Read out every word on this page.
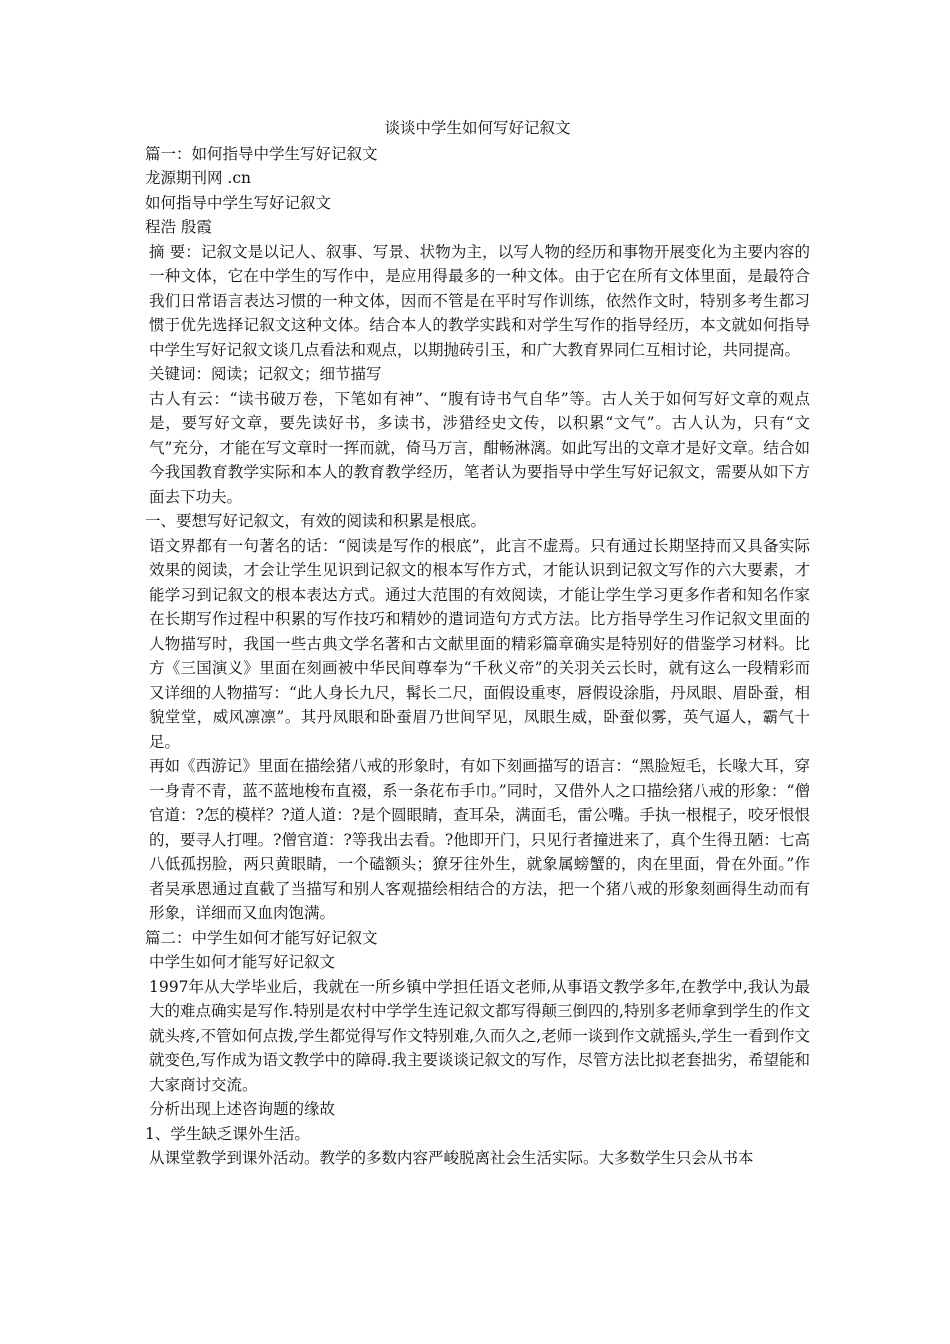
谈谈中学生如何写好记叙文

篇一：如何指导中学生写好记叙文

龙源期刊网 .cn

如何指导中学生写好记叙文

程浩 殷霞

摘 要：记叙文是以记人、叙事、写景、状物为主，以写人物的经历和事物开展变化为主要内容的一种文体，它在中学生的写作中，是应用得最多的一种文体。由于它在所有文体里面，是最符合我们日常语言表达习惯的一种文体，因而不管是在平时写作训练，依然作文时，特别多考生都习惯于优先选择记叙文这种文体。结合本人的教学实践和对学生写作的指导经历，本文就如何指导中学生写好记叙文谈几点看法和观点，以期抛砖引玉，和广大教育界同仁互相讨论，共同提高。

关键词：阅读；记叙文；细节描写

古人有云：“读书破万卷，下笔如有神”、“腹有诗书气自华”等。古人关于如何写好文章的观点是，要写好文章，要先读好书，多读书，涉猎经史文传，以积累“文气”。古人认为，只有“文气”充分，才能在写文章时一挥而就，倚马万言，酣畅淋漓。如此写出的文章才是好文章。结合如今我国教育教学实际和本人的教育教学经历，笔者认为要指导中学生写好记叙文，需要从如下方面去下功夫。

一、要想写好记叙文，有效的阅读和积累是根底。

语文界都有一句著名的话：“阅读是写作的根底”，此言不虚焉。只有通过长期坚持而又具备实际效果的阅读，才会让学生见识到记叙文的根本写作方式，才能认识到记叙文写作的六大要素，才能学习到记叙文的根本表达方式。通过大范围的有效阅读，才能让学生学习更多作者和知名作家在长期写作过程中积累的写作技巧和精妙的遣词造句方式方法。比方指导学生习作记叙文里面的人物描写时，我国一些古典文学名著和古文献里面的精彩篇章确实是特别好的借鉴学习材料。比方《三国演义》里面在刻画被中华民间尊奉为“千秋义帝”的关羽关云长时，就有这么一段精彩而又详细的人物描写：“此人身长九尺，髯长二尺，面假设重枣，唇假设涂脂，丹凤眼、眉卧蚕，相貌堂堂，威风凛凛”。其丹凤眼和卧蚕眉乃世间罕见，凤眼生威，卧蚕似雾，英气逼人，霸气十足。

再如《西游记》里面在描绘猪八戒的形象时，有如下刻画描写的语言：“黑脸短毛，长喙大耳，穿一身青不青，蓝不蓝地梭布直裰，系一条花布手巾。”同时，又借外人之口描绘猪八戒的形象：“僧官道：?怎的模样？?道人道：?是个圆眼睛，查耳朵，满面毛，雷公嘴。手执一根棍子，咬牙恨恨的，要寻人打哩。?僧官道：?等我出去看。?他即开门，只见行者撞进来了，真个生得丑陋：七高八低孤拐脸，两只黄眼睛，一个磕额头；獠牙往外生，就象属螃蟹的，肉在里面，骨在外面。”作者吴承恩通过直截了当描写和别人客观描绘相结合的方法，把一个猪八戒的形象刻画得生动而有形象，详细而又血肉饱满。

篇二：中学生如何才能写好记叙文

中学生如何才能写好记叙文

1997年从大学毕业后，我就在一所乡镇中学担任语文老师,从事语文教学多年,在教学中,我认为最大的难点确实是写作.特别是农村中学学生连记叙文都写得颠三倒四的,特别多老师拿到学生的作文就头疼,不管如何点拨,学生都觉得写作文特别难,久而久之,老师一谈到作文就摇头,学生一看到作文就变色,写作成为语文教学中的障碍.我主要谈谈记叙文的写作，尽管方法比拟老套拙劣，希望能和大家商讨交流。

分析出现上述咨询题的缘故

1、学生缺乏课外生活。

从课堂教学到课外活动。教学的多数内容严峻脱离社会生活实际。大多数学生只会从书本
